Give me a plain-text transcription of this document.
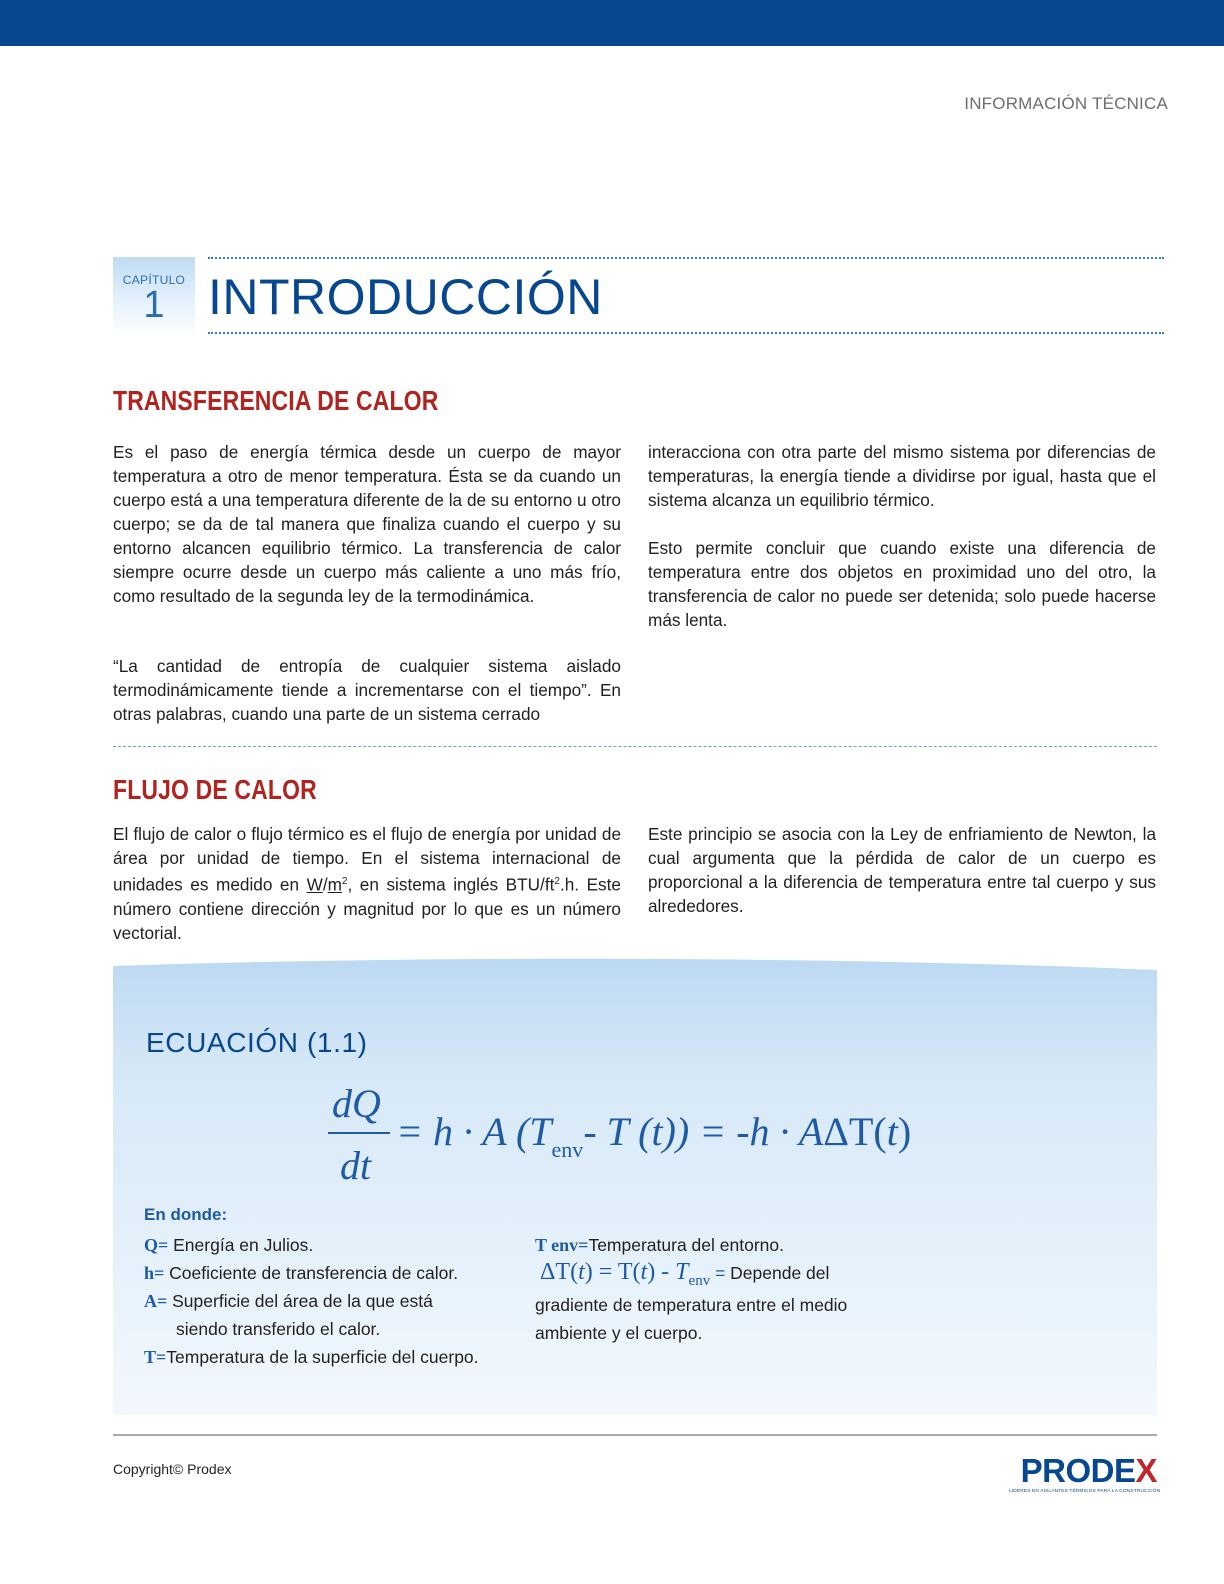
INFORMACIÓN TÉCNICA
CAPÍTULO
1 INTRODUCCIÓN
TRANSFERENCIA DE CALOR

Es el paso de energía térmica desde un cuerpo de mayor temperatura a otro de menor temperatura. Ésta se da cuando un cuerpo está a una temperatura diferente de la de su entorno u otro cuerpo; se da de tal manera que finaliza cuando el cuerpo y su entorno alcancen equilibrio térmico. La transferencia de calor siempre ocurre desde un cuerpo más caliente a uno más frío, como resultado de la segunda ley de la termodinámica.

“La cantidad de entropía de cualquier sistema aislado termodinámicamente tiende a incrementarse con el tiempo”. En otras palabras, cuando una parte de un sistema cerrado

interacciona con otra parte del mismo sistema por diferencias de temperaturas, la energía tiende a dividirse por igual, hasta que el sistema alcanza un equilibrio térmico.

Esto permite concluir que cuando existe una diferencia de temperatura entre dos objetos en proximidad uno del otro, la transferencia de calor no puede ser detenida; solo puede hacerse más lenta.

FLUJO DE CALOR

El flujo de calor o flujo térmico es el flujo de energía por unidad de área por unidad de tiempo. En el sistema internacional de unidades es medido en $W/m^2$, en sistema inglés BTU/$ft^2.h$. Este número contiene dirección y magnitud por lo que es un número vectorial.

Este principio se asocia con la Ley de enfriamiento de Newton, la cual argumenta que la pérdida de calor de un cuerpo es proporcional a la diferencia de temperatura entre tal cuerpo y sus alrededores.

ECUACIÓN (1.1)
dQ
dt
= h · A ($T_{env}-$ T (t)) = -h · AΔT(t)
En donde:
Q= Energía en Julios.
h= Coeficiente de transferencia de calor.
A= Superficie del área de la que está
siendo transferido el calor.
T=Temperatura de la superficie del cuerpo.
T env=Temperatura del entorno.
$\Delta T(t) = T(t) - T_{env}$ = Depende del
gradiente de temperatura entre el medio
ambiente y el cuerpo.
Copyright© Prodex	PRODEX
LÍDERES EN AISLANTES TÉRMICOS PARA LA CONSTRUCCIÓN
